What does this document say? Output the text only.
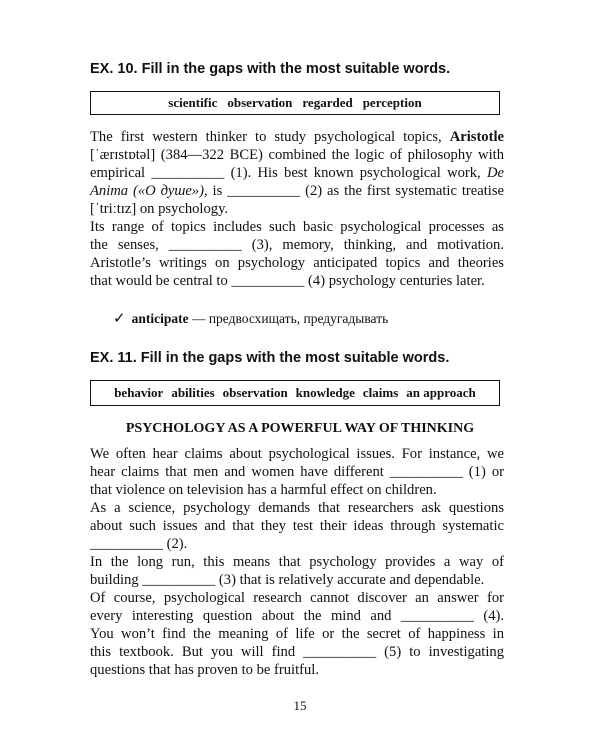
EX. 10. Fill in the gaps with the most suitable words.
scientific observation regarded perception
The first western thinker to study psychological topics, Aristotle
[ˈærɪstɒtəl] (384—322 BCE) combined the logic of philosophy with
empirical __________ (1). His best known psychological work, De
Anima («О душе»), is __________ (2) as the first systematic treatise
[ˈtriːtɪz] on psychology.
Its range of topics includes such basic psychological processes as
the senses, __________ (3), memory, thinking, and motivation.
Aristotle’s writings on psychology anticipated topics and theories
that would be central to __________ (4) psychology centuries later.
✓ anticipate — предвосхищать, предугадывать
EX. 11. Fill in the gaps with the most suitable words.
behavior abilities observation knowledge claims an approach
PSYCHOLOGY AS A POWERFUL WAY OF THINKING
We often hear claims about psychological issues. For instance, we
hear claims that men and women have different __________ (1) or
that violence on television has a harmful effect on children.
As a science, psychology demands that researchers ask questions
about such issues and that they test their ideas through systematic
__________ (2).
In the long run, this means that psychology provides a way of
building __________ (3) that is relatively accurate and dependable.
Of course, psychological research cannot discover an answer for
every interesting question about the mind and __________ (4).
You won’t find the meaning of life or the secret of happiness in
this textbook. But you will find __________ (5) to investigating
questions that has proven to be fruitful.
15
